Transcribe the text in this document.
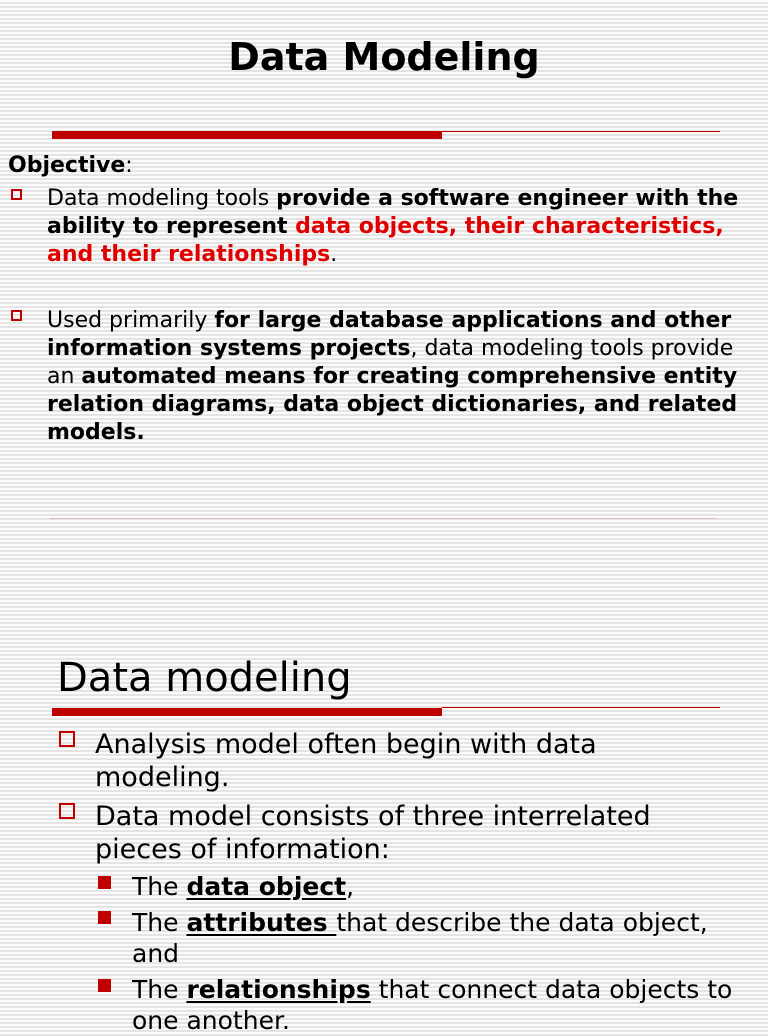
Data Modeling
Objective:
Data modeling tools provide a software engineer with the ability to represent data objects, their characteristics, and their relationships.
Used primarily for large database applications and other information systems projects, data modeling tools provide an automated means for creating comprehensive entity relation diagrams, data object dictionaries, and related models.
Data modeling
Analysis model often begin with data modeling.
Data model consists of three interrelated pieces of information:
The data object,
The attributes that describe the data object, and
The relationships that connect data objects to one another.
